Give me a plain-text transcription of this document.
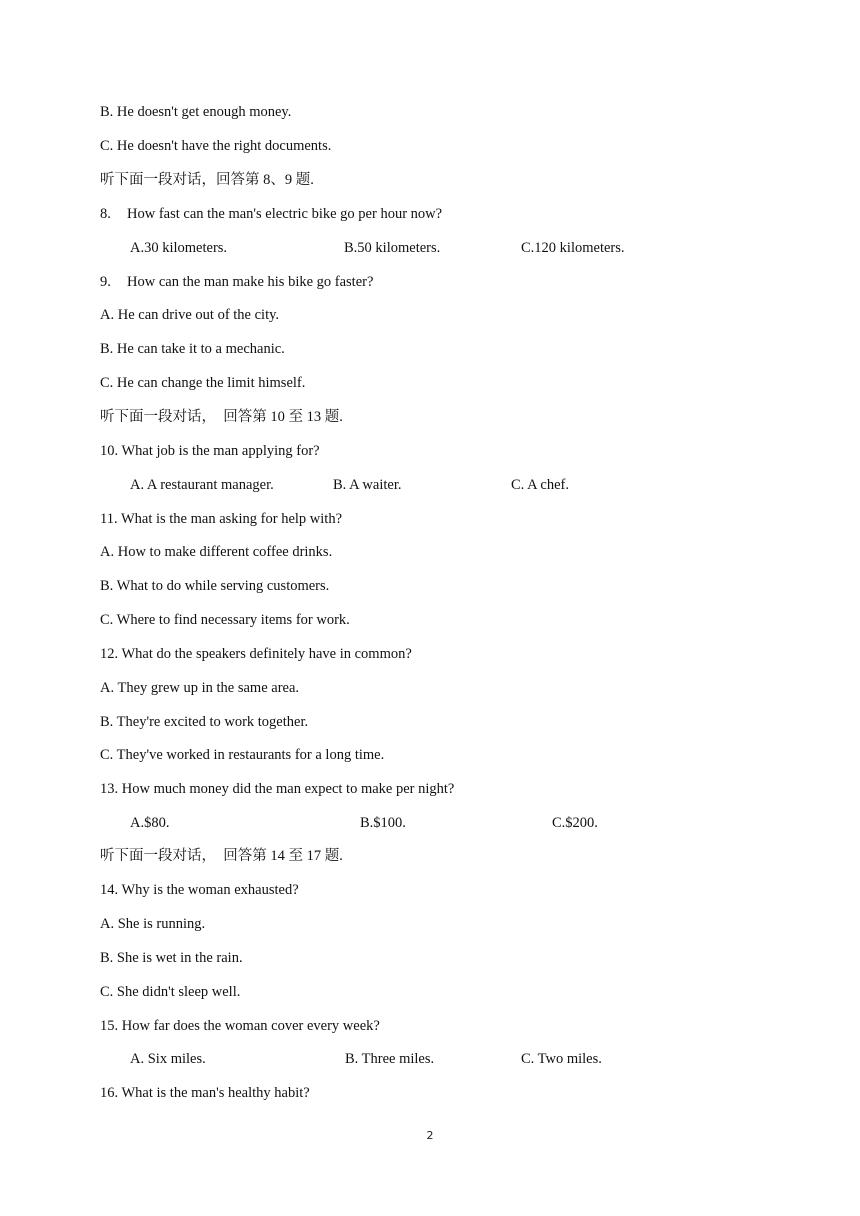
B. He doesn't get enough money.
C. He doesn't have the right documents.
听下面一段对话，回答第 8、9 题.
8. How fast can the man's electric bike go per hour now?
A.30 kilometers.	B.50 kilometers.	C.120 kilometers.
9. How can the man make his bike go faster?
A. He can drive out of the city.
B. He can take it to a mechanic.
C. He can change the limit himself.
听下面一段对话，  回答第 10 至 13 题.
10. What job is the man applying for?
A. A restaurant manager.	B. A waiter.	C. A chef.
11. What is the man asking for help with?
A. How to make different coffee drinks.
B. What to do while serving customers.
C. Where to find necessary items for work.
12. What do the speakers definitely have in common?
A. They grew up in the same area.
B. They're excited to work together.
C. They've worked in restaurants for a long time.
13. How much money did the man expect to make per night?
A.$80.	B.$100.	C.$200.
听下面一段对话，  回答第 14 至 17 题.
14. Why is the woman exhausted?
A. She is running.
B. She is wet in the rain.
C. She didn't sleep well.
15. How far does the woman cover every week?
A. Six miles.	B. Three miles.	C. Two miles.
16. What is the man's healthy habit?
2
